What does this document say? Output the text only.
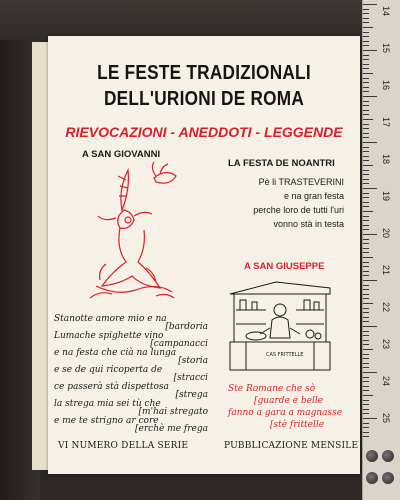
14
15
16
17
18
19
20
21
22
23
24
25
LE FESTE TRADIZIONALI
DELL'URIONI DE ROMA
RIEVOCAZIONI - ANEDDOTI - LEGGENDE
A SAN GIOVANNI
LA FESTA DE NOANTRI
Pè li TRASTEVERINI
e na gran festa
perche loro de tutti l'uri
vonno stà in testa
A SAN GIUSEPPE
CAS FRITTELLE
Stanotte amore mio e na
[bardoria
Lumache spighette vino
[campanacci
e na festa che cià na lunga
[storia
e se de qui ricoperta de
[stracci
ce passerà stà dispettosa
[strega
la strega mia sei tù che
[m'hai stregato
e me te strigno ar core
[erchè me frega
Ste Romane che sò
[guarde e belle
fanno a gara a magnasse
[stè frittelle
VI NUMERO DELLA SERIE	PUBBLICAZIONE MENSILE
